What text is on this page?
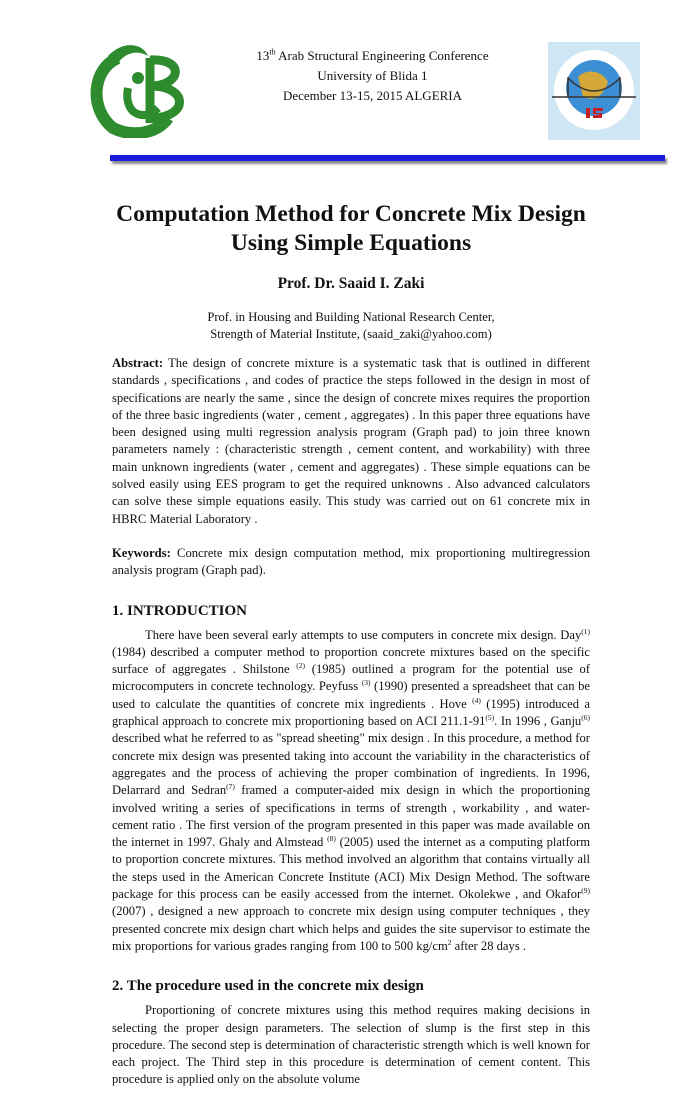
13th Arab Structural Engineering Conference
University of Blida 1
December 13-15, 2015 ALGERIA
Computation Method for Concrete Mix Design
Using Simple Equations
Prof. Dr. Saaid I. Zaki
Prof. in Housing and Building National Research Center,
Strength of Material Institute, (saaid_zaki@yahoo.com)

Abstract: The design of concrete mixture is a systematic task that is outlined in different standards , specifications , and codes of practice the steps followed in the design in most of specifications are nearly the same , since the design of concrete mixes requires the proportion of the three basic ingredients (water , cement , aggregates) . In this paper three equations have been designed using multi regression analysis program (Graph pad) to join three known parameters namely : (characteristic strength , cement content, and workability) with three main unknown ingredients (water , cement and aggregates) . These simple equations can be solved easily using EES program to get the required unknowns . Also advanced calculators can solve these simple equations easily. This study was carried out on 61 concrete mix in HBRC Material Laboratory .

Keywords: Concrete mix design computation method, mix proportioning multiregression analysis program (Graph pad).

1. INTRODUCTION

There have been several early attempts to use computers in concrete mix design. Day$^{(1)}$(1984) described a computer method to proportion concrete mixtures based on the specific surface of aggregates . Shilstone $^{(2)}$ (1985) outlined a program for the potential use of microcomputers in concrete technology. Peyfuss $^{(3)}$ (1990) presented a spreadsheet that can be used to calculate the quantities of concrete mix ingredients . Hove $^{(4)}$ (1995) introduced a graphical approach to concrete mix proportioning based on ACI 211.1-91$^{(5)}$. In 1996 , Ganju$^{(6)}$ described what he referred to as "spread sheeting" mix design . In this procedure, a method for concrete mix design was presented taking into account the variability in the characteristics of aggregates and the process of achieving the proper combination of ingredients. In 1996, Delarrard and Sedran$^{(7)}$ framed a computer-aided mix design in which the proportioning involved writing a series of specifications in terms of strength , workability , and water-cement ratio . The first version of the program presented in this paper was made available on the internet in 1997. Ghaly and Almstead $^{(8)}$ (2005) used the internet as a computing platform to proportion concrete mixtures. This method involved an algorithm that contains virtually all the steps used in the American Concrete Institute (ACI) Mix Design Method. The software package for this process can be easily accessed from the internet. Okolekwe , and Okafor$^{(9)}$ (2007) , designed a new approach to concrete mix design using computer techniques , they presented concrete mix design chart which helps and guides the site supervisor to estimate the mix proportions for various grades ranging from 100 to 500 $kg/cm^2$ after 28 days .

2. The procedure used in the concrete mix design

Proportioning of concrete mixtures using this method requires making decisions in selecting the proper design parameters. The selection of slump is the first step in this procedure. The second step is determination of characteristic strength which is well known for each project. The Third step in this procedure is determination of cement content. This procedure is applied only on the absolute volume
